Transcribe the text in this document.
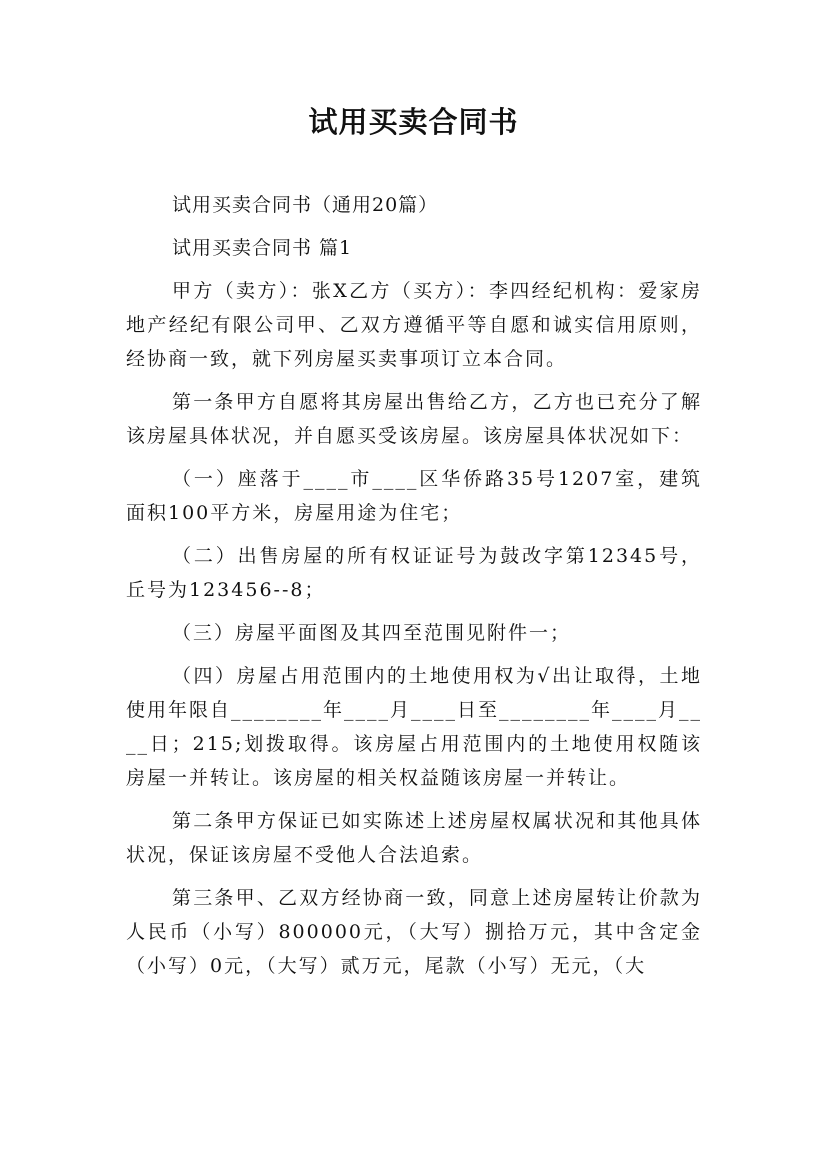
试用买卖合同书

试用买卖合同书（通用20篇）

试用买卖合同书 篇1

甲方（卖方）：张X乙方（买方）：李四经纪机构：爱家房地产经纪有限公司甲、乙双方遵循平等自愿和诚实信用原则，经协商一致，就下列房屋买卖事项订立本合同。

第一条甲方自愿将其房屋出售给乙方，乙方也已充分了解该房屋具体状况，并自愿买受该房屋。该房屋具体状况如下：

（一）座落于____市____区华侨路35号1207室，建筑面积100平方米，房屋用途为住宅；

（二）出售房屋的所有权证证号为鼓改字第12345号，丘号为123456--8；

（三）房屋平面图及其四至范围见附件一；

（四）房屋占用范围内的土地使用权为√出让取得，土地使用年限自________年____月____日至________年____月____日；215;划拨取得。该房屋占用范围内的土地使用权随该房屋一并转让。该房屋的相关权益随该房屋一并转让。

第二条甲方保证已如实陈述上述房屋权属状况和其他具体状况，保证该房屋不受他人合法追索。

第三条甲、乙双方经协商一致，同意上述房屋转让价款为人民币（小写）800000元，（大写）捌拾万元，其中含定金（小写）0元，（大写）贰万元，尾款（小写）无元，（大
